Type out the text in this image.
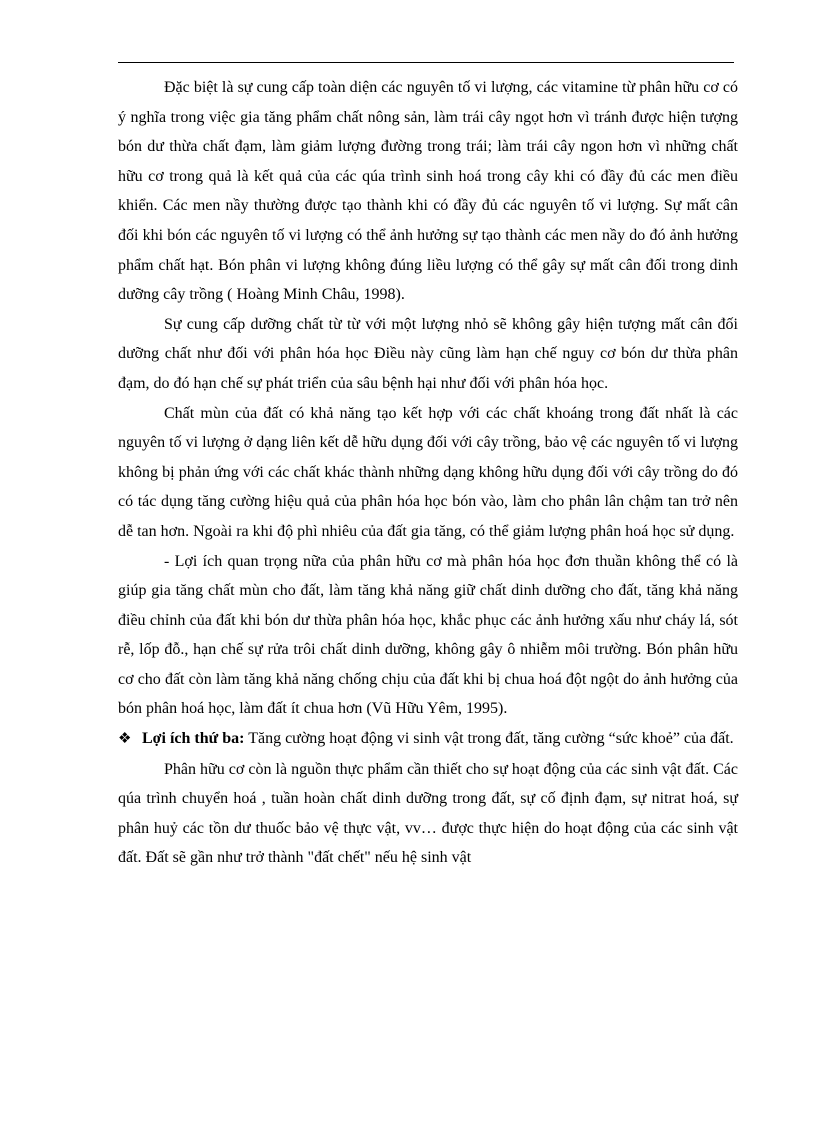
Đặc biệt là sự cung cấp toàn diện các nguyên tố vi lượng, các vitamine từ phân hữu cơ có ý nghĩa trong việc gia tăng phẩm chất nông sản, làm trái cây ngọt hơn vì tránh được hiện tượng bón dư thừa chất đạm, làm giảm lượng đường trong trái; làm trái cây ngon hơn vì những chất hữu cơ trong quả là kết quả của các qúa trình sinh hoá trong cây khi có đầy đủ các men điều khiển. Các men nầy thường được tạo thành khi có đầy đủ các nguyên tố vi lượng. Sự mất cân đối khi bón các nguyên tố vi lượng có thể ảnh hưởng sự tạo thành các men nầy do đó ảnh hưởng phẩm chất hạt. Bón phân vi lượng không đúng liều lượng có thể gây sự mất cân đối trong dinh dưỡng cây trồng ( Hoàng Minh Châu, 1998).

Sự cung cấp dưỡng chất từ từ với một lượng nhỏ sẽ không gây hiện tượng mất cân đối dưỡng chất như đối với phân hóa học Điều này cũng làm hạn chế nguy cơ bón dư thừa phân đạm, do đó hạn chế sự phát triển của sâu bệnh hại như đối với phân hóa học.

Chất mùn của đất có khả năng tạo kết hợp với các chất khoáng trong đất nhất là các nguyên tố vi lượng ở dạng liên kết dễ hữu dụng đối với cây trồng, bảo vệ các nguyên tố vi lượng không bị phản ứng với các chất khác thành những dạng không hữu dụng đối với cây trồng do đó có tác dụng tăng cường hiệu quả của phân hóa học bón vào, làm cho phân lân chậm tan trở nên dễ tan hơn. Ngoài ra khi độ phì nhiêu của đất gia tăng, có thể giảm lượng phân hoá học sử dụng.

- Lợi ích quan trọng nữa của phân hữu cơ mà phân hóa học đơn thuần không thể có là giúp gia tăng chất mùn cho đất, làm tăng khả năng giữ chất dinh dưỡng cho đất, tăng khả năng điều chỉnh của đất khi bón dư thừa phân hóa học, khắc phục các ảnh hưởng xấu như cháy lá, sót rễ, lốp đỗ., hạn chế sự rửa trôi chất dinh dưỡng, không gây ô nhiễm môi trường. Bón phân hữu cơ cho đất còn làm tăng khả năng chống chịu của đất khi bị chua hoá đột ngột do ảnh hưởng của bón phân hoá học, làm đất ít chua hơn (Vũ Hữu Yêm, 1995).

❖ Lợi ích thứ ba: Tăng cường hoạt động vi sinh vật trong đất, tăng cường “sức khoẻ” của đất.

Phân hữu cơ còn là nguồn thực phẩm cần thiết cho sự hoạt động của các sinh vật đất. Các qúa trình chuyển hoá , tuần hoàn chất dinh dưỡng trong đất, sự cố định đạm, sự nitrat hoá, sự phân huỷ các tồn dư thuốc bảo vệ thực vật, vv… được thực hiện do hoạt động của các sinh vật đất. Đất sẽ gần như trở thành "đất chết" nếu hệ sinh vật
